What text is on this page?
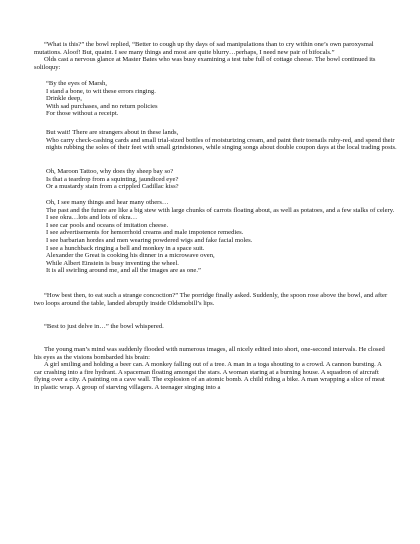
“What is this?” the bowl replied, “Better to cough up thy days of sad manipulations than to cry within one’s own paroxysmal mutations. Aloof! But, quaint. I see many things and most are quite blurry…perhaps, I need new pair of bifocals.”

Olds cast a nervous glance at Master Bates who was busy examining a test tube full of cottage cheese. The bowl continued its soliloquy:

“By the eyes of Marsh,

I stand a bone, to wit these errors ringing.

Drinkle deep,

With sad purchases, and no return policies

For those without a receipt.

But wait! There are strangers about in these lands,

Who carry check-cashing cards and small trial-sized bottles of moisturizing cream, and paint their toenails ruby-red, and spend their nights rubbing the soles of their feet with small grindstones, while singing songs about double coupon days at the local trading posts.

Oh, Maroon Tattoo, why does thy sheep bay so?

Is that a teardrop from a squinting, jaundiced eye?

Or a mustardy stain from a crippled Cadillac kiss?

Oh, I see many things and hear many others…

The past and the future are like a big stew with large chunks of carrots floating about, as well as potatoes, and a few stalks of celery.

I see okra…lots and lots of okra…

I see car pools and oceans of imitation cheese.

I see advertisements for hemorrhoid creams and male impotence remedies.

I see barbarian hordes and men wearing powdered wigs and fake facial moles.

I see a hunchback ringing a bell and monkey in a space suit.

Alexander the Great is cooking his dinner in a microwave oven,

While Albert Einstein is busy inventing the wheel.

It is all swirling around me, and all the images are as one.”

“How best then, to eat such a strange concoction?” The porridge finally asked. Suddenly, the spoon rose above the bowl, and after two loops around the table, landed abruptly inside Oldsmobill’s lips.

“Best to just delve in…” the bowl whispered.

The young man’s mind was suddenly flooded with numerous images, all nicely edited into short, one-second intervals. He closed his eyes as the visions bombarded his brain:

A girl smiling and holding a beer can. A monkey falling out of a tree. A man in a toga shouting to a crowd. A cannon bursting. A car crashing into a fire hydrant. A spaceman floating amongst the stars. A woman staring at a burning house. A squadron of aircraft flying over a city. A painting on a cave wall. The explosion of an atomic bomb. A child riding a bike. A man wrapping a slice of meat in plastic wrap. A group of starving villagers. A teenager singing into a
